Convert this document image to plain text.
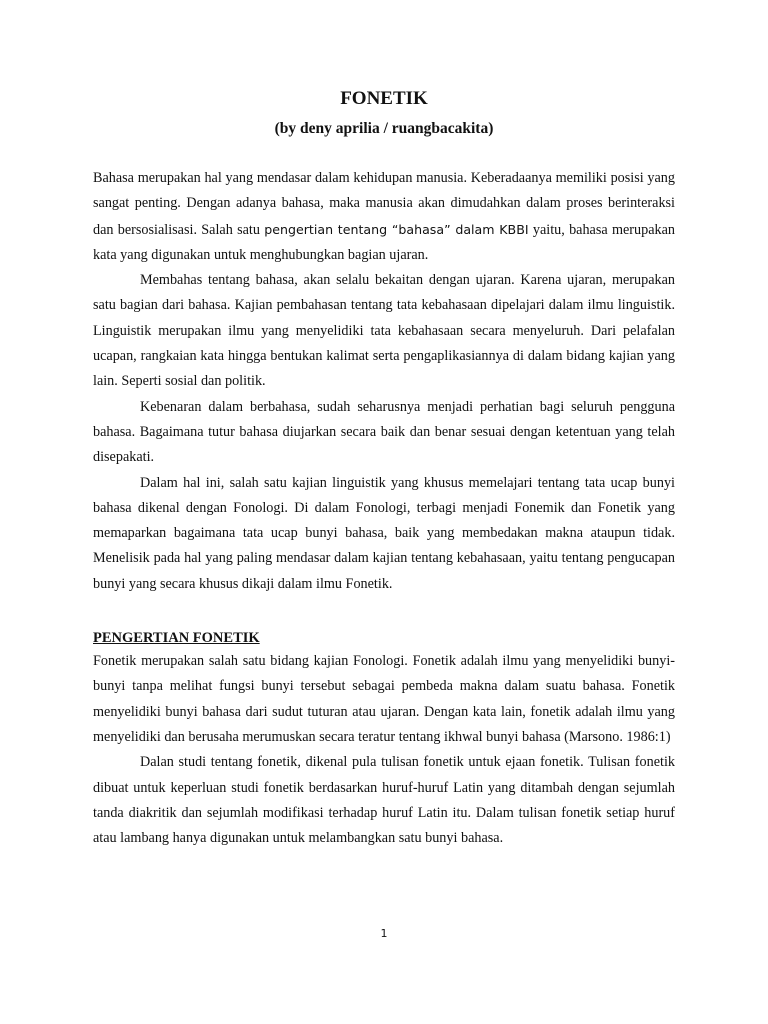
FONETIK

(by deny aprilia / ruangbacakita)

Bahasa merupakan hal yang mendasar dalam kehidupan manusia. Keberadaanya memiliki posisi yang sangat penting. Dengan adanya bahasa, maka manusia akan dimudahkan dalam proses berinteraksi dan bersosialisasi. Salah satu pengertian tentang “bahasa” dalam KBBI yaitu, bahasa merupakan kata yang digunakan untuk menghubungkan bagian ujaran.

Membahas tentang bahasa, akan selalu bekaitan dengan ujaran. Karena ujaran, merupakan satu bagian dari bahasa. Kajian pembahasan tentang tata kebahasaan dipelajari dalam ilmu linguistik. Linguistik merupakan ilmu yang menyelidiki tata kebahasaan secara menyeluruh. Dari pelafalan ucapan, rangkaian kata hingga bentukan kalimat serta pengaplikasiannya di dalam bidang kajian yang lain. Seperti sosial dan politik.

Kebenaran dalam berbahasa, sudah seharusnya menjadi perhatian bagi seluruh pengguna bahasa. Bagaimana tutur bahasa diujarkan secara baik dan benar sesuai dengan ketentuan yang telah disepakati.

Dalam hal ini, salah satu kajian linguistik yang khusus memelajari tentang tata ucap bunyi bahasa dikenal dengan Fonologi. Di dalam Fonologi, terbagi menjadi Fonemik dan Fonetik yang memaparkan bagaimana tata ucap bunyi bahasa, baik yang membedakan makna ataupun tidak. Menelisik pada hal yang paling mendasar dalam kajian tentang kebahasaan, yaitu tentang pengucapan bunyi yang secara khusus dikaji dalam ilmu Fonetik.

PENGERTIAN FONETIK

Fonetik merupakan salah satu bidang kajian Fonologi. Fonetik adalah ilmu yang menyelidiki bunyi-bunyi tanpa melihat fungsi bunyi tersebut sebagai pembeda makna dalam suatu bahasa. Fonetik menyelidiki bunyi bahasa dari sudut tuturan atau ujaran. Dengan kata lain, fonetik adalah ilmu yang menyelidiki dan berusaha merumuskan secara teratur tentang ikhwal bunyi bahasa (Marsono. 1986:1)

Dalan studi tentang fonetik, dikenal pula tulisan fonetik untuk ejaan fonetik. Tulisan fonetik dibuat untuk keperluan studi fonetik berdasarkan huruf-huruf Latin yang ditambah dengan sejumlah tanda diakritik dan sejumlah modifikasi terhadap huruf Latin itu. Dalam tulisan fonetik setiap huruf atau lambang hanya digunakan untuk melambangkan satu bunyi bahasa.

1
